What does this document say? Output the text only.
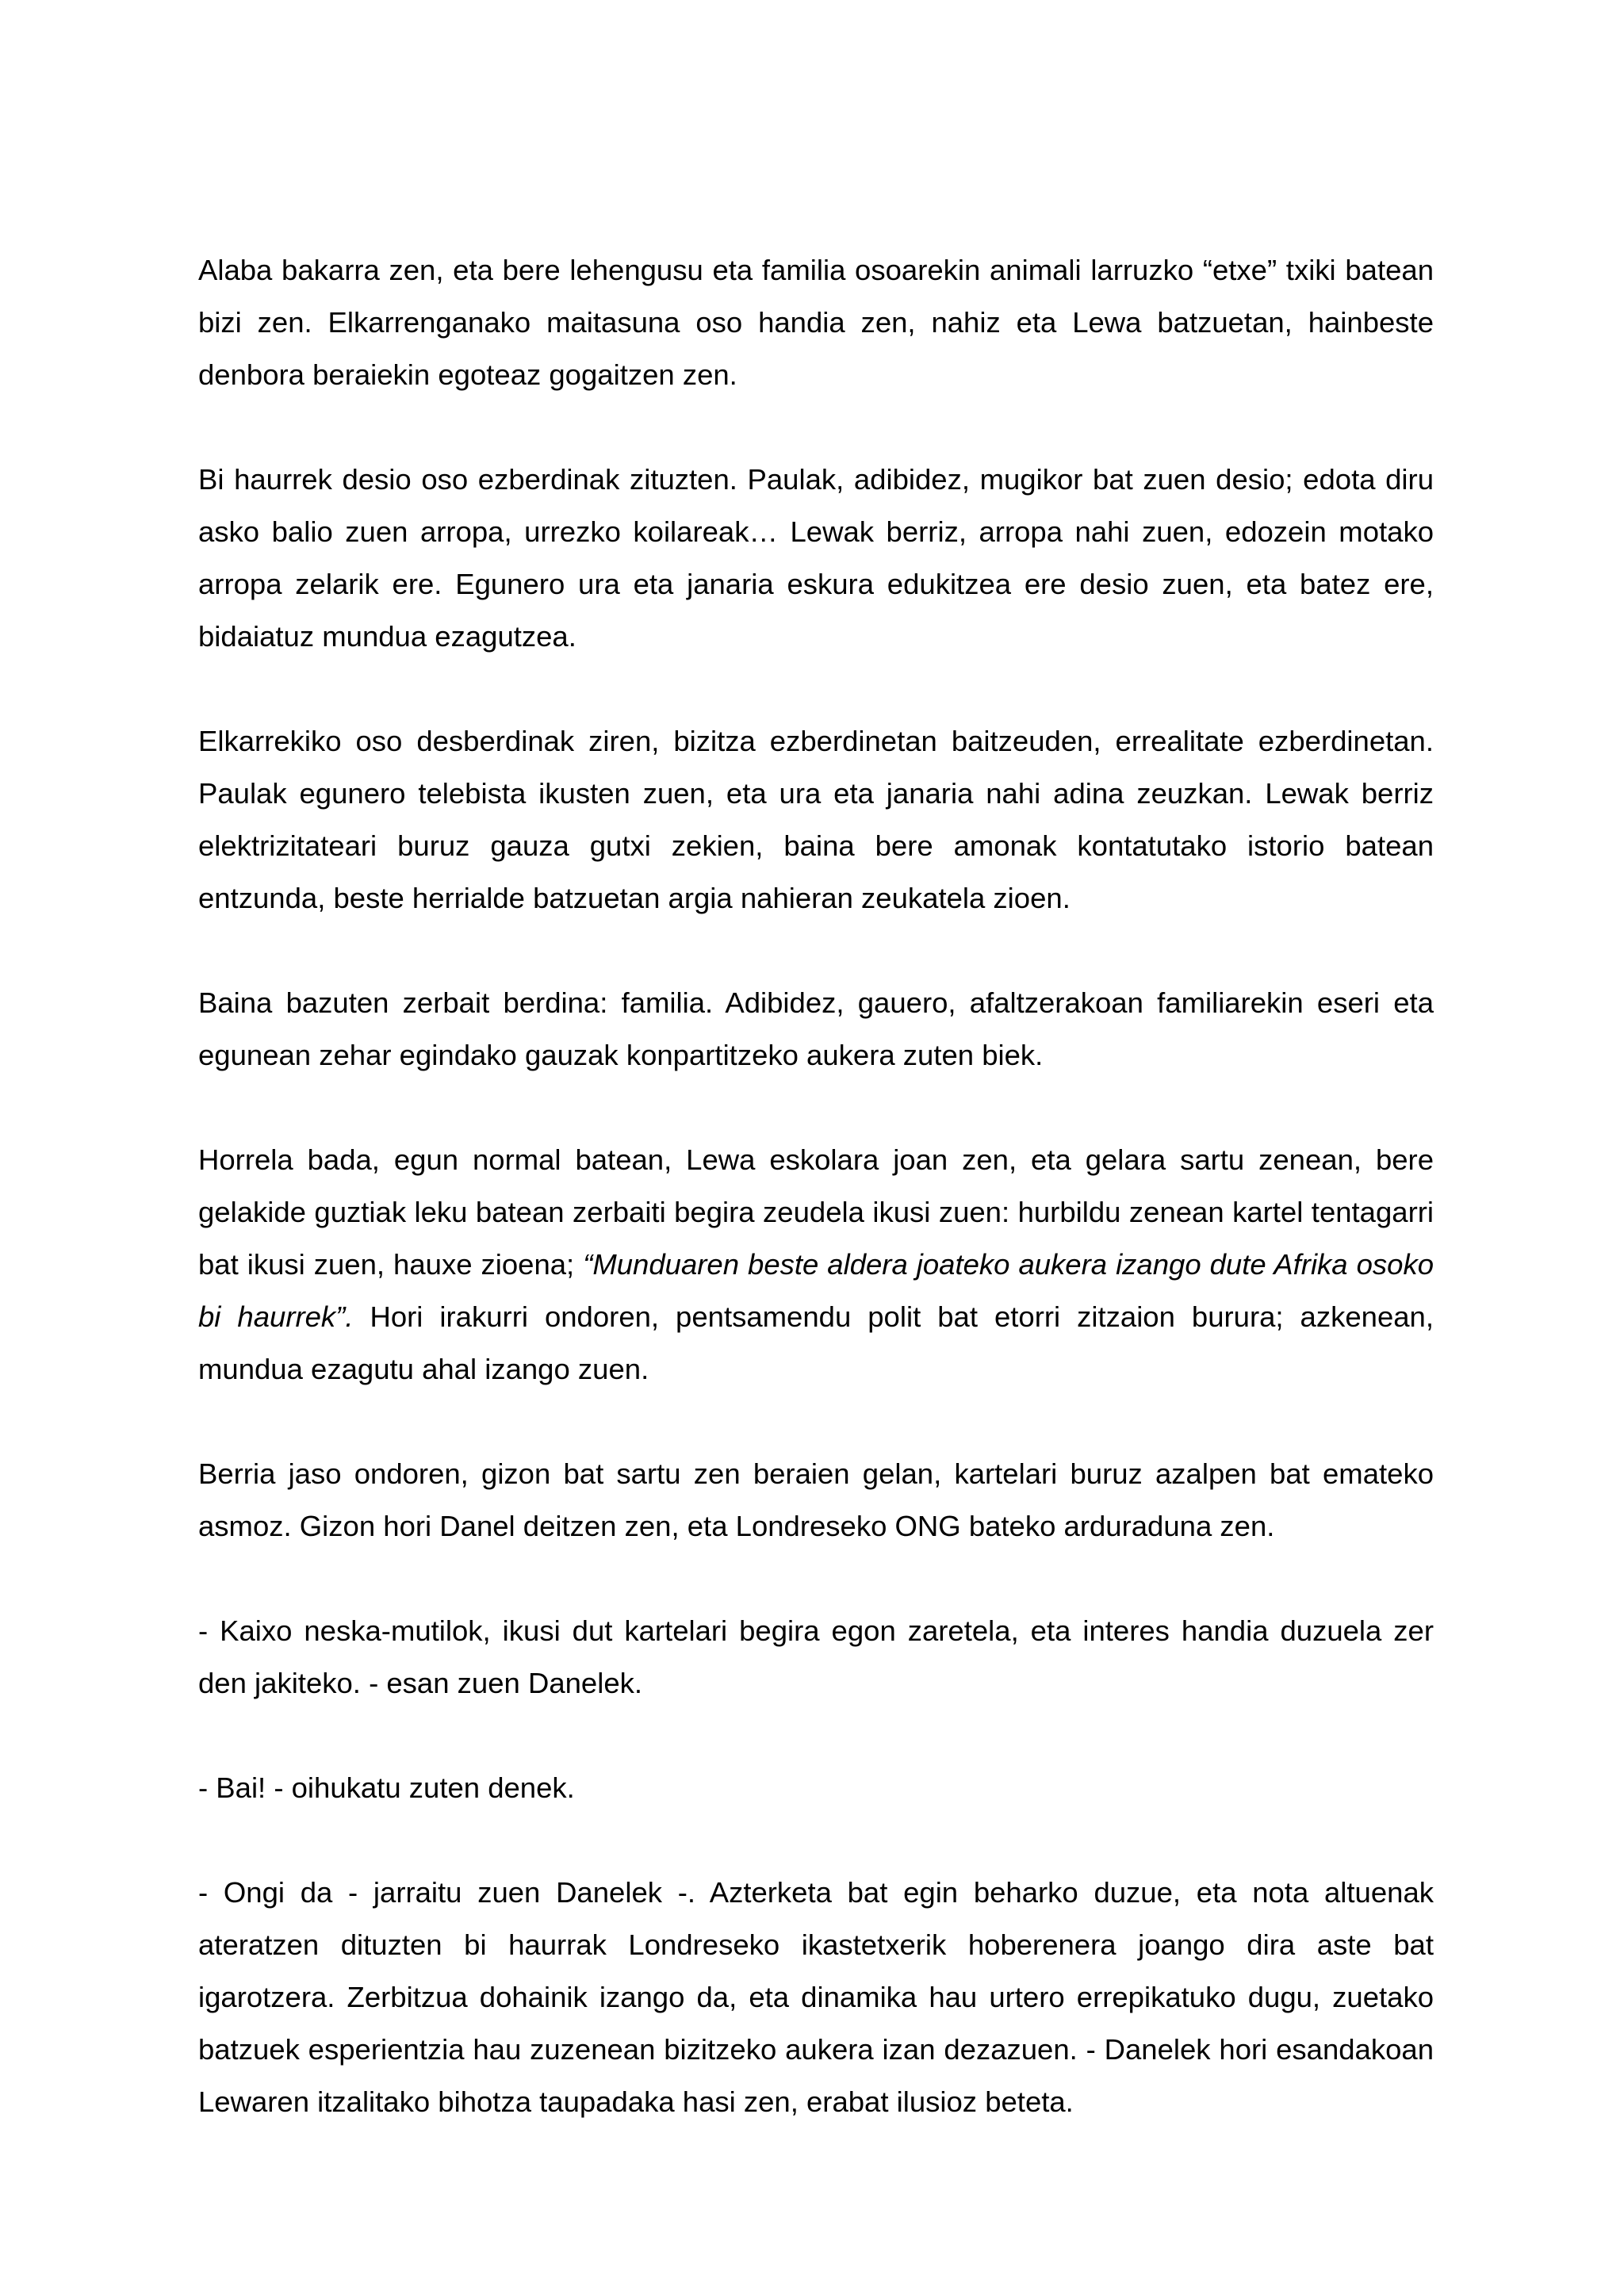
Alaba bakarra zen, eta bere lehengusu eta familia osoarekin animali larruzko “etxe” txiki batean bizi zen. Elkarrenganako maitasuna oso handia zen, nahiz eta Lewa batzuetan, hainbeste denbora beraiekin egoteaz gogaitzen zen.

Bi haurrek desio oso ezberdinak zituzten. Paulak, adibidez, mugikor bat zuen desio; edota diru asko balio zuen arropa, urrezko koilareak… Lewak berriz, arropa nahi zuen, edozein motako arropa zelarik ere. Egunero ura eta janaria eskura edukitzea ere desio zuen, eta batez ere, bidaiatuz mundua ezagutzea.

Elkarrekiko oso desberdinak ziren, bizitza ezberdinetan baitzeuden, errealitate ezberdinetan. Paulak egunero telebista ikusten zuen, eta ura eta janaria nahi adina zeuzkan. Lewak berriz elektrizitateari buruz gauza gutxi zekien, baina bere amonak kontatutako istorio batean entzunda, beste herrialde batzuetan argia nahieran zeukatela zioen.

Baina bazuten zerbait berdina: familia. Adibidez, gauero, afaltzerakoan familiarekin eseri eta egunean zehar egindako gauzak konpartitzeko aukera zuten biek.

Horrela bada, egun normal batean, Lewa eskolara joan zen, eta gelara sartu zenean, bere gelakide guztiak leku batean zerbaiti begira zeudela ikusi zuen: hurbildu zenean kartel tentagarri bat ikusi zuen, hauxe zioena; “Munduaren beste aldera joateko aukera izango dute Afrika osoko bi haurrek”. Hori irakurri ondoren, pentsamendu polit bat etorri zitzaion burura; azkenean, mundua ezagutu ahal izango zuen.

Berria jaso ondoren, gizon bat sartu zen beraien gelan, kartelari buruz azalpen bat emateko asmoz. Gizon hori Danel deitzen zen, eta Londreseko ONG bateko arduraduna zen.

- Kaixo neska-mutilok, ikusi dut kartelari begira egon zaretela, eta interes handia duzuela zer den jakiteko. - esan zuen Danelek.

- Bai! - oihukatu zuten denek.

- Ongi da - jarraitu zuen Danelek -. Azterketa bat egin beharko duzue, eta nota altuenak ateratzen dituzten bi haurrak Londreseko ikastetxerik hoberenera joango dira aste bat igarotzera. Zerbitzua dohainik izango da, eta dinamika hau urtero errepikatuko dugu, zuetako batzuek esperientzia hau zuzenean bizitzeko aukera izan dezazuen. - Danelek hori esandakoan Lewaren itzalitako bihotza taupadaka hasi zen, erabat ilusioz beteta.
